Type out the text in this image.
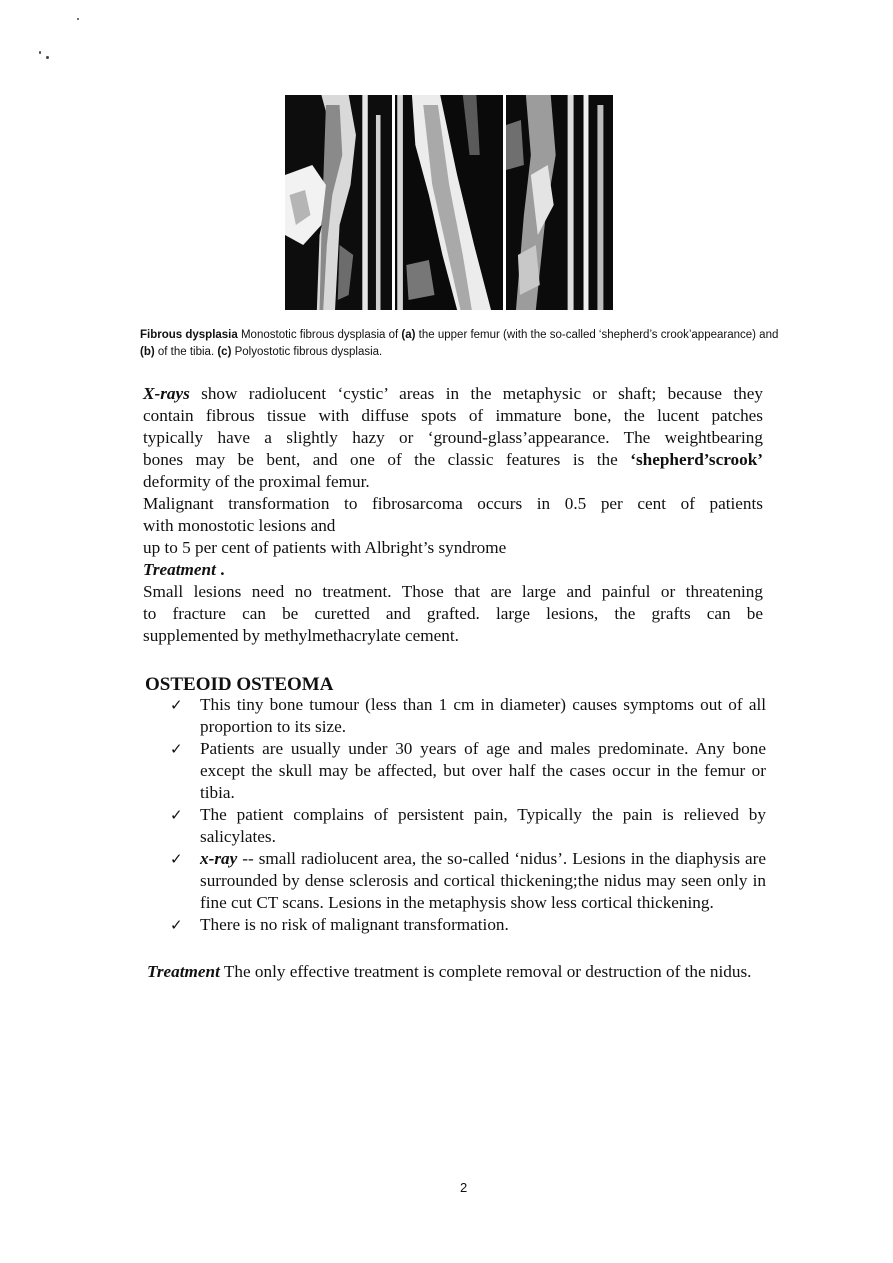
Fibrous dysplasia Monostotic fibrous dysplasia of (a) the upper femur (with the so-called ‘shepherd’s crook’appearance) and (b) of the tibia. (c) Polyostotic fibrous dysplasia.
X-rays show radiolucent ‘cystic’ areas in the metaphysic or shaft; because they
contain fibrous tissue with diffuse spots of immature bone, the lucent patches
typically have a slightly hazy or ‘ground-glass’appearance. The weightbearing
bones may be bent, and one of the classic features is the ‘shepherd’scrook’
deformity of the proximal femur.
Malignant transformation to fibrosarcoma occurs in 0.5 per cent of patients
with monostotic lesions and
up to 5 per cent of patients with Albright’s syndrome
Treatment .
Small lesions need no treatment. Those that are large and painful or threatening
to fracture can be curetted and grafted. large lesions, the grafts can be
supplemented by methylmethacrylate cement.
OSTEOID OSTEOMA
✓ This tiny bone tumour (less than 1 cm in diameter) causes symptoms out of all proportion to its size.
✓ Patients are usually under 30 years of age and males predominate. Any bone except the skull may be affected, but over half the cases occur in the femur or tibia.
✓ The patient complains of persistent pain, Typically the pain is relieved by salicylates.
✓ x-ray -- small radiolucent area, the so-called ‘nidus’. Lesions in the diaphysis are surrounded by dense sclerosis and cortical thickening;the nidus may seen only in fine cut CT scans. Lesions in the metaphysis show less cortical thickening.
✓ There is no risk of malignant transformation.
Treatment The only effective treatment is complete removal or destruction of the nidus.
2
